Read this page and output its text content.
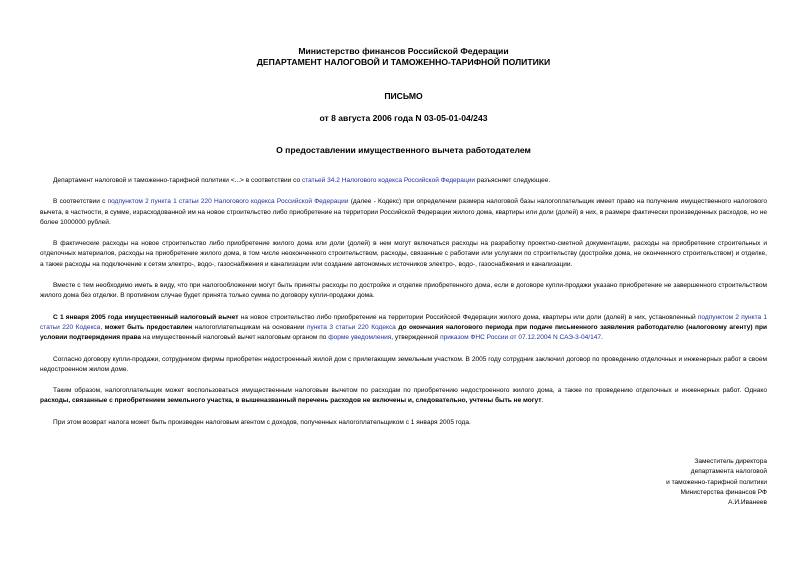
Министерство финансов Российской Федерации
ДЕПАРТАМЕНТ НАЛОГОВОЙ И ТАМОЖЕННО-ТАРИФНОЙ ПОЛИТИКИ
ПИСЬМО
от 8 августа 2006 года N 03-05-01-04/243
О предоставлении имущественного вычета работодателем

Департамент налоговой и таможенно-тарифной политики <...> в соответствии со статьей 34.2 Налогового кодекса Российской Федерации разъясняет следующее.

В соответствии с подпунктом 2 пункта 1 статьи 220 Налогового кодекса Российской Федерации (далее - Кодекс) при определении размера налоговой базы налогоплательщик имеет право на получение имущественного налогового вычета, в частности, в сумме, израсходованной им на новое строительство либо приобретение на территории Российской Федерации жилого дома, квартиры или доли (долей) в них, в размере фактически произведенных расходов, но не более 1000000 рублей.

В фактические расходы на новое строительство либо приобретение жилого дома или доли (долей) в нем могут включаться расходы на разработку проектно-сметной документации, расходы на приобретение строительных и отделочных материалов, расходы на приобретение жилого дома, в том числе неоконченного строительством, расходы, связанные с работами или услугами по строительству (достройке дома, не оконченного строительством) и отделке, а также расходы на подключение к сетям электро-, водо-, газоснабжения и канализации или создание автономных источников электро-, водо-, газоснабжения и канализации.

Вместе с тем необходимо иметь в виду, что при налогообложении могут быть приняты расходы по достройке и отделке приобретенного дома, если в договоре купли-продажи указано приобретение не завершенного строительством жилого дома без отделки. В противном случае будет принята только сумма по договору купли-продажи дома.

С 1 января 2005 года имущественный налоговый вычет на новое строительство либо приобретение на территории Российской Федерации жилого дома, квартиры или доли (долей) в них, установленный подпунктом 2 пункта 1 статьи 220 Кодекса, может быть предоставлен налогоплательщикам на основании пункта 3 статьи 220 Кодекса до окончания налогового периода при подаче письменного заявления работодателю (налоговому агенту) при условии подтверждения права на имущественный налоговый вычет налоговым органом по форме уведомления, утвержденной приказом ФНС России от 07.12.2004 N САЭ-3-04/147.

Согласно договору купли-продажи, сотрудником фирмы приобретен недостроенный жилой дом с прилегающим земельным участком. В 2005 году сотрудник заключил договор по проведению отделочных и инженерных работ в своем недостроенном жилом доме.

Таким образом, налогоплательщик может воспользоваться имущественным налоговым вычетом по расходам по приобретению недостроенного жилого дома, а также по проведению отделочных и инженерных работ. Однако расходы, связанные с приобретением земельного участка, в вышеназванный перечень расходов не включены и, следовательно, учтены быть не могут.

При этом возврат налога может быть произведен налоговым агентом с доходов, полученных налогоплательщиком с 1 января 2005 года.

Заместитель директора
департамента налоговой
и таможенно-тарифной политики
Министерства финансов РФ
А.И.Иванеев
